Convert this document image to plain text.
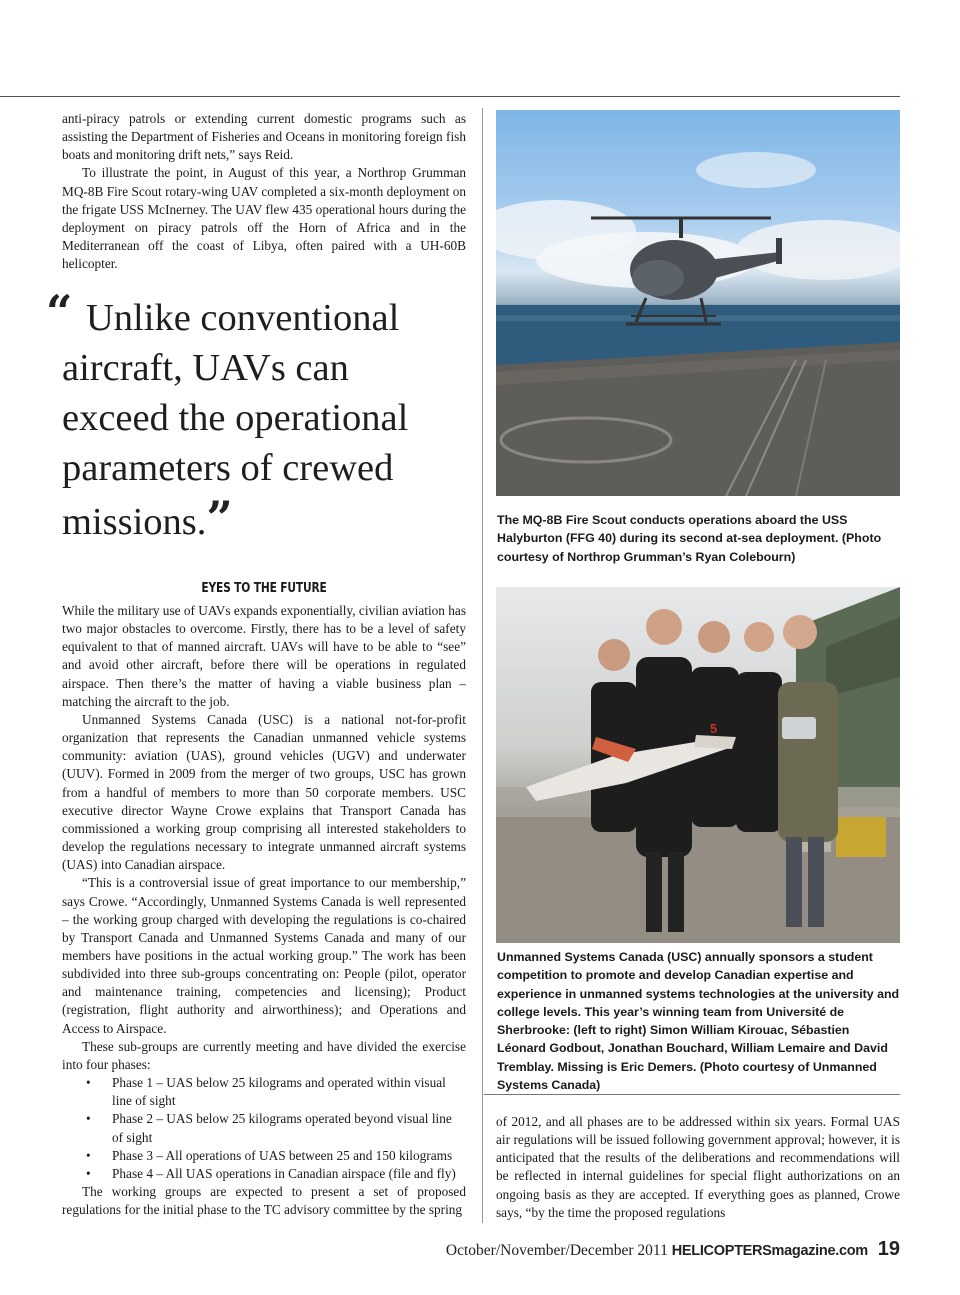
anti-piracy patrols or extending current domestic programs such as assisting the Department of Fisheries and Oceans in monitoring foreign fish boats and monitoring drift nets,” says Reid.

To illustrate the point, in August of this year, a Northrop Grumman MQ-8B Fire Scout rotary-wing UAV completed a six-month deployment on the frigate USS McInerney. The UAV flew 435 operational hours during the deployment on piracy patrols off the Horn of Africa and in the Mediterranean off the coast of Libya, often paired with a UH-60B helicopter.

“ Unlike conventional
aircraft, UAVs can
exceed the operational
parameters of crewed
missions.”
EYES TO THE FUTURE

While the military use of UAVs expands exponentially, civilian aviation has two major obstacles to overcome. Firstly, there has to be a level of safety equivalent to that of manned aircraft. UAVs will have to be able to “see” and avoid other aircraft, before there will be operations in regulated airspace. Then there’s the matter of having a viable business plan – matching the aircraft to the job.

Unmanned Systems Canada (USC) is a national not-for-profit organization that represents the Canadian unmanned vehicle systems community: aviation (UAS), ground vehicles (UGV) and underwater (UUV). Formed in 2009 from the merger of two groups, USC has grown from a handful of members to more than 50 corporate members. USC executive director Wayne Crowe explains that Transport Canada has commissioned a working group comprising all interested stakeholders to develop the regulations necessary to integrate unmanned aircraft systems (UAS) into Canadian airspace.

“This is a controversial issue of great importance to our membership,” says Crowe. “Accordingly, Unmanned Systems Canada is well represented – the working group charged with developing the regulations is co-chaired by Transport Canada and Unmanned Systems Canada and many of our members have positions in the actual working group.” The work has been subdivided into three sub-groups concentrating on: People (pilot, operator and maintenance training, competencies and licensing); Product (registration, flight authority and airworthiness); and Operations and Access to Airspace.

These sub-groups are currently meeting and have divided the exercise into four phases:

• Phase 1 – UAS below 25 kilograms and operated within visual line of sight
• Phase 2 – UAS below 25 kilograms operated beyond visual line of sight
• Phase 3 – All operations of UAS between 25 and 150 kilograms
• Phase 4 – All UAS operations in Canadian airspace (file and fly)

The working groups are expected to present a set of proposed regulations for the initial phase to the TC advisory committee by the spring

The MQ-8B Fire Scout conducts operations aboard the USS Halyburton (FFG 40) during its second at-sea deployment. (Photo courtesy of Northrop Grumman’s Ryan Colebourn)

5

Unmanned Systems Canada (USC) annually sponsors a student competition to promote and develop Canadian expertise and experience in unmanned systems technologies at the university and college levels. This year’s winning team from Université de Sherbrooke: (left to right) Simon William Kirouac, Sébastien Léonard Godbout, Jonathan Bouchard, William Lemaire and David Tremblay. Missing is Eric Demers. (Photo courtesy of Unmanned Systems Canada)

of 2012, and all phases are to be addressed within six years. Formal UAS air regulations will be issued following government approval; however, it is anticipated that the results of the deliberations and recommendations will be reflected in internal guidelines for special flight authorizations on an ongoing basis as they are accepted. If everything goes as planned, Crowe says, “by the time the proposed regulations

October/November/December 2011 HELICOPTERSmagazine.com 19
